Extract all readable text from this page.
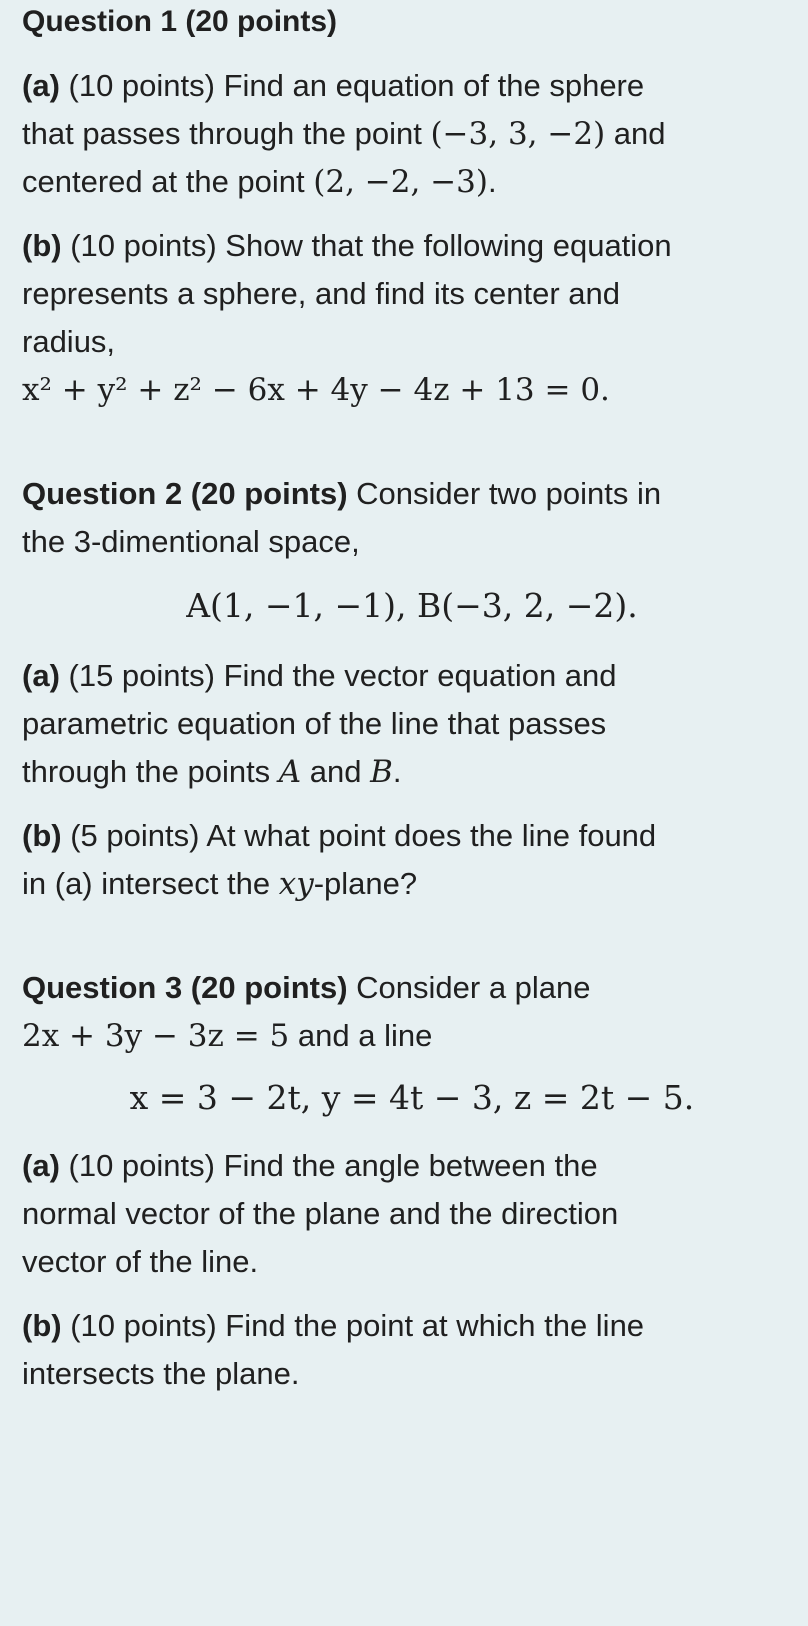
Question 1 (20 points)

(a) (10 points) Find an equation of the sphere

that passes through the point (−3, 3, −2) and

centered at the point (2, −2, −3).

(b) (10 points) Show that the following equation

represents a sphere, and find its center and

radius,

x² + y² + z² − 6x + 4y − 4z + 13 = 0.

Question 2 (20 points) Consider two points in

the 3-dimentional space,

A(1, −1, −1), B(−3, 2, −2).

(a) (15 points) Find the vector equation and

parametric equation of the line that passes

through the points A and B.

(b) (5 points) At what point does the line found

in (a) intersect the xy-plane?

Question 3 (20 points) Consider a plane

2x + 3y − 3z = 5 and a line

x = 3 − 2t, y = 4t − 3, z = 2t − 5.

(a) (10 points) Find the angle between the

normal vector of the plane and the direction

vector of the line.

(b) (10 points) Find the point at which the line

intersects the plane.
